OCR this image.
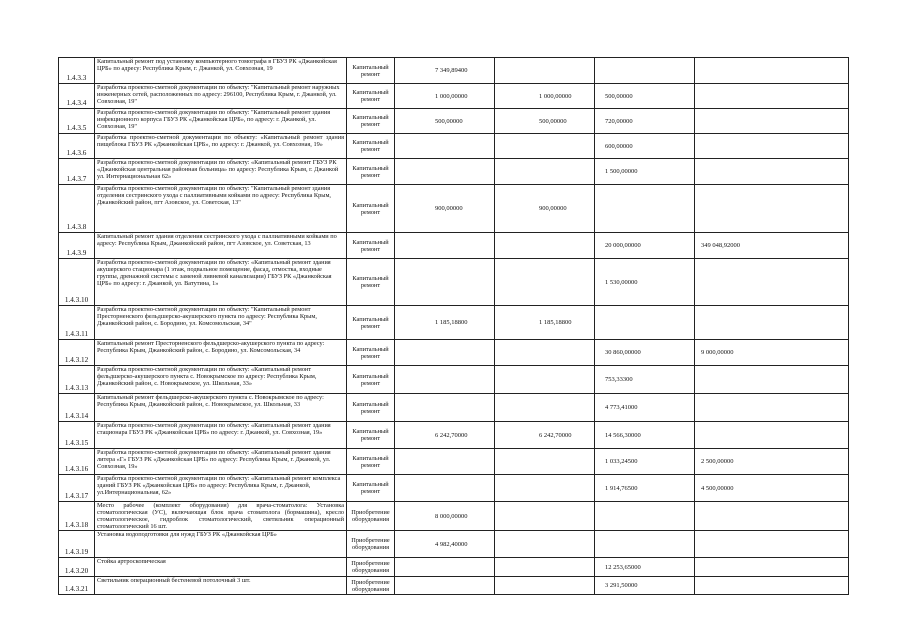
1.4.3.3	Капитальный ремонт под установку компьютерного томографа в ГБУЗ РК «Джанкойская ЦРБ» по адресу: Республика Крым, г. Джанкой, ул. Совхозная, 19	Капитальный ремонт	7 349,89400			
1.4.3.4	Разработка проектно-сметной документации по объекту: "Капитальный ремонт наружных инженерных сетей, расположенных по адресу: 296100, Республика Крым, г. Джанкой, ул. Совхозная, 19"	Капитальный ремонт	1 000,00000	1 000,00000	500,00000	
1.4.3.5	Разработка проектно-сметной документации по объекту: "Капитальный ремонт здания инфекционного корпуса ГБУЗ РК «Джанкойская ЦРБ», по адресу: г. Джанкой, ул. Совхозная, 19"	Капитальный ремонт	500,00000	500,00000	720,00000	
1.4.3.6	Разработка проектно-сметной документации по объекту: «Капитальный ремонт здания пищеблока ГБУЗ РК «Джанкойская ЦРБ», по адресу: г. Джанкой, ул. Совхозная, 19»	Капитальный ремонт			600,00000	
1.4.3.7	Разработка проектно-сметной документации по объекту: «Капитальный ремонт ГБУЗ РК «Джанкойская центральная районная больница» по адресу: Республика Крым, г. Джанкой ул. Интернациональная 62»	Капитальный ремонт			1 500,00000	
1.4.3.8	Разработка проектно-сметной документации по объекту: "Капитальный ремонт здания отделения сестринского ухода с паллиативными койками по адресу: Республика Крым, Джанкойский район, пгт Азовское, ул. Советская, 13"	Капитальный ремонт	900,00000	900,00000		
1.4.3.9	Капитальный ремонт здания отделения сестринского ухода с паллиативными койками по адресу: Республика Крым, Джанкойский район, пгт Азовское, ул. Советская, 13	Капитальный ремонт			20 000,00000	349 048,92000
1.4.3.10	Разработка проектно-сметной документации по объекту: «Капитальный ремонт здания акушерского стационара (1 этаж, подвальное помещение, фасад, отмостка, входные группы, дренажной системы с заменой ливневой канализации) ГБУЗ РК «Джанкойская ЦРБ» по адресу: г. Джанкой, ул. Ватутина, 1»	Капитальный ремонт			1 530,00000	
1.4.3.11	Разработка проектно-сметной документации по объекту: "Капитальный ремонт Престорненского фельдшерско-акушерского пункта по адресу: Республика Крым, Джанкойский район, с. Бородино, ул. Комсомольская, 34"	Капитальный ремонт	1 185,18800	1 185,18800		
1.4.3.12	Капитальный ремонт Престорненского фельдшерско-акушерского пункта по адресу: Республика Крым, Джанкойский район, с. Бородино, ул. Комсомольская, 34	Капитальный ремонт			30 860,00000	9 000,00000
1.4.3.13	Разработка проектно-сметной документации по объекту: «Капитальный ремонт фельдшерско-акушерского пункта с. Новокрымское по адресу: Республика Крым, Джанкойский район, с. Новокрымское, ул. Школьная, 33»	Капитальный ремонт			753,33300	
1.4.3.14	Капитальный ремонт фельдшерско-акушерского пункта с. Новокрымское по адресу: Республика Крым, Джанкойский район, с. Новокрымское, ул. Школьная, 33	Капитальный ремонт			4 773,41000	
1.4.3.15	Разработка проектно-сметной документации по объекту: «Капитальный ремонт здания стационара ГБУЗ РК «Джанкойская ЦРБ» по адресу: г. Джанкой, ул. Совхозная, 19»	Капитальный ремонт	6 242,70000	6 242,70000	14 566,30000	
1.4.3.16	Разработка проектно-сметной документации по объекту: «Капитальный ремонт здания литера «Г» ГБУЗ РК «Джанкойская ЦРБ» по адресу: Республика Крым, г. Джанкой, ул. Совхозная, 19»	Капитальный ремонт			1 033,24500	2 500,00000
1.4.3.17	Разработка проектно-сметной документации по объекту: «Капитальный ремонт комплекса зданий ГБУЗ РК «Джанкойская ЦРБ» по адресу: Республика Крым, г. Джанкой, ул.Интернациональная, 62»	Капитальный ремонт			1 914,76500	4 500,00000
1.4.3.18	Место рабочее (комплект оборудования) для врача-стоматолога: Установка стоматологическая (УС), включающая блок врача стоматолога (бормашина), кресло стоматологическое, гидроблок стоматологический, светильник операционный стоматологический 16 шт.	Приобретение оборудования	8 000,00000			
1.4.3.19	Установка водоподготовки для нужд ГБУЗ РК «Джанкойская ЦРБ»	Приобретение оборудования	4 982,40000			
1.4.3.20	Стойка артроскопическая	Приобретение оборудования			12 253,65000	
1.4.3.21	Светильник операционный бестеневой потолочный 3 шт.	Приобретение оборудования			3 291,50000	
